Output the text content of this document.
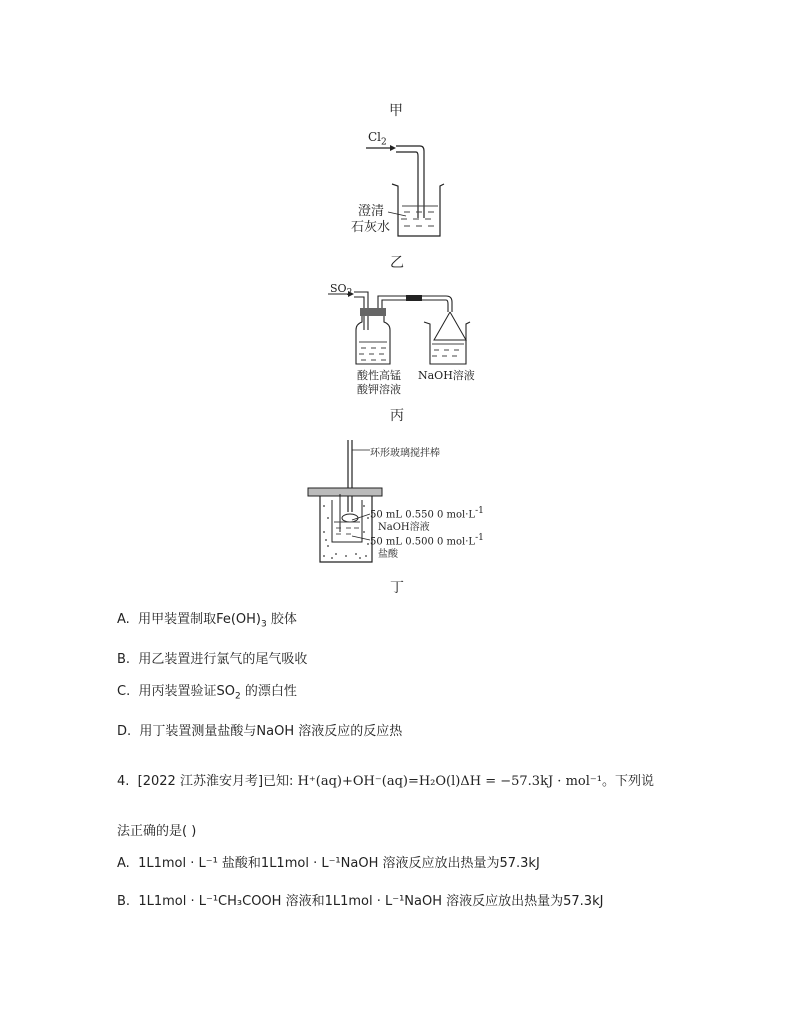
甲
$Cl_2$
澄清
石灰水
乙
$SO_2$
酸性高锰
酸钾溶液
NaOH溶液
丙
环形玻璃搅拌棒
50 mL 0.550 0 $mol\cdot L^{-1}$
NaOH溶液
50 mL 0.500 0 $mol\cdot L^{-1}$
盐酸
丁
A. 用甲装置制取$Fe(OH)_3$ 胶体
B. 用乙装置进行氯气的尾气吸收
C. 用丙装置验证$SO_2$ 的漂白性
D. 用丁装置测量盐酸与NaOH 溶液反应的反应热
4. [2022 江苏淮安月考]已知: H⁺(aq)+OH⁻(aq)=H₂O(l)ΔH = −57.3kJ · mol⁻¹。下列说
法正确的是( )
A. 1L1mol · L⁻¹ 盐酸和1L1mol · L⁻¹NaOH 溶液反应放出热量为57.3kJ
B. 1L1mol · L⁻¹CH₃COOH 溶液和1L1mol · L⁻¹NaOH 溶液反应放出热量为57.3kJ
